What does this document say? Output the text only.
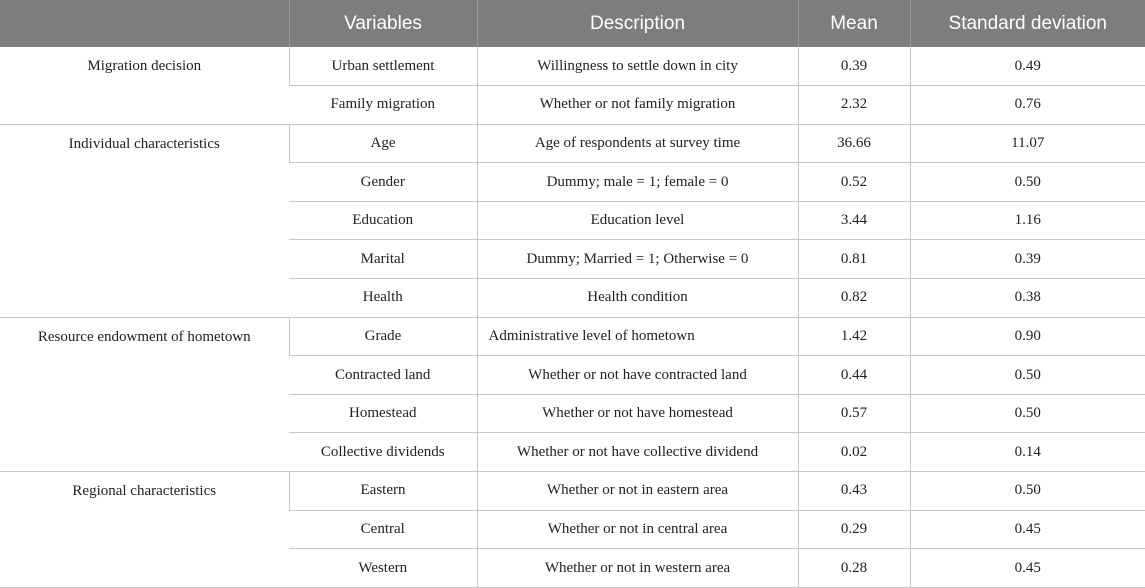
	Variables	Description	Mean	Standard deviation
Migration decision	Urban settlement	Willingness to settle down in city	0.39	0.49
	Family migration	Whether or not family migration	2.32	0.76
Individual characteristics	Age	Age of respondents at survey time	36.66	11.07
	Gender	Dummy; male = 1; female = 0	0.52	0.50
	Education	Education level	3.44	1.16
	Marital	Dummy; Married = 1; Otherwise = 0	0.81	0.39
	Health	Health condition	0.82	0.38
Resource endowment of hometown	Grade	Administrative level of hometown	1.42	0.90
	Contracted land	Whether or not have contracted land	0.44	0.50
	Homestead	Whether or not have homestead	0.57	0.50
	Collective dividends	Whether or not have collective dividend	0.02	0.14
Regional characteristics	Eastern	Whether or not in eastern area	0.43	0.50
	Central	Whether or not in central area	0.29	0.45
	Western	Whether or not in western area	0.28	0.45
